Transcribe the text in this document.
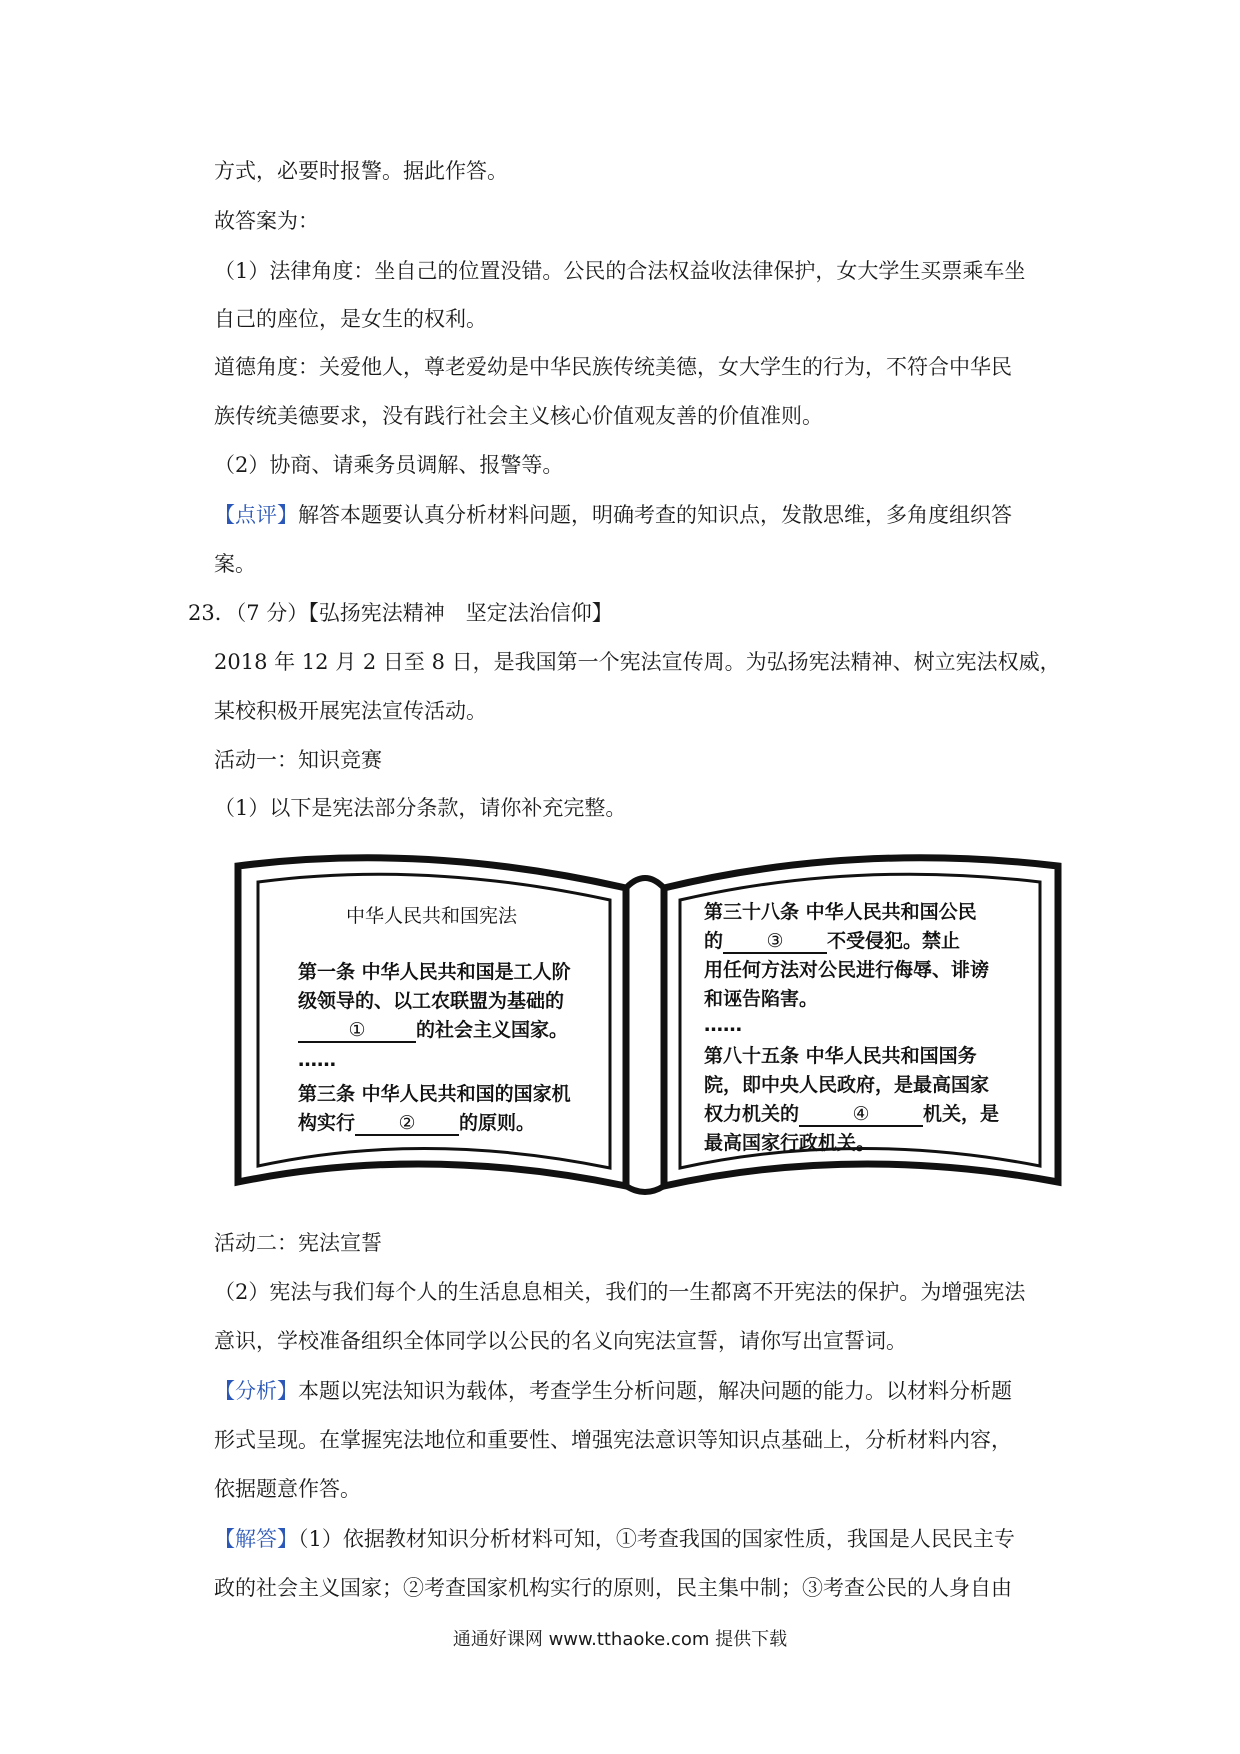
方式，必要时报警。据此作答。
故答案为：
（1）法律角度：坐自己的位置没错。公民的合法权益收法律保护，女大学生买票乘车坐
自己的座位，是女生的权利。
道德角度：关爱他人，尊老爱幼是中华民族传统美德，女大学生的行为，不符合中华民
族传统美德要求，没有践行社会主义核心价值观友善的价值准则。
（2）协商、请乘务员调解、报警等。
【点评】解答本题要认真分析材料问题，明确考查的知识点，发散思维，多角度组织答
案。
23．（7 分）【弘扬宪法精神　坚定法治信仰】
2018 年 12 月 2 日至 8 日，是我国第一个宪法宣传周。为弘扬宪法精神、树立宪法权威，
某校积极开展宪法宣传活动。
活动一：知识竞赛
（1）以下是宪法部分条款，请你补充完整。
中华人民共和国宪法
第一条 中华人民共和国是工人阶
级领导的、以工农联盟为基础的
①	的社会主义国家。
……
第三条 中华人民共和国的国家机
构实行 ② 的原则。
第三十八条 中华人民共和国公民
的 ③ 不受侵犯。禁止
用任何方法对公民进行侮辱、诽谤
和诬告陷害。
……
第八十五条 中华人民共和国国务
院，即中央人民政府，是最高国家
权力机关的	④	机关，是
最高国家行政机关。
活动二：宪法宣誓
（2）宪法与我们每个人的生活息息相关，我们的一生都离不开宪法的保护。为增强宪法
意识，学校准备组织全体同学以公民的名义向宪法宣誓，请你写出宣誓词。
【分析】本题以宪法知识为载体，考查学生分析问题，解决问题的能力。以材料分析题
形式呈现。在掌握宪法地位和重要性、增强宪法意识等知识点基础上，分析材料内容，
依据题意作答。
【解答】（1）依据教材知识分析材料可知，①考查我国的国家性质，我国是人民民主专
政的社会主义国家；②考查国家机构实行的原则，民主集中制；③考查公民的人身自由
通通好课网 www.tthaoke.com 提供下载
